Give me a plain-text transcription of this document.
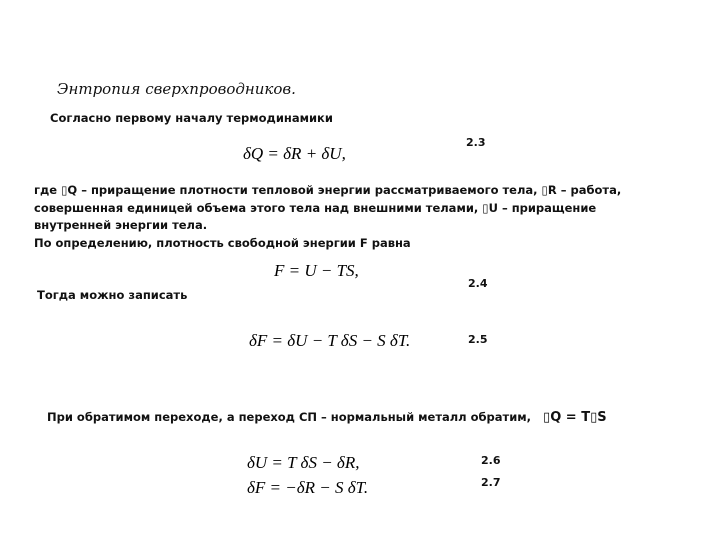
Энтропия сверхпроводников.
Согласно первому началу термодинамики
δQ = δR + δU,
2.3
где ▯Q – приращение плотности тепловой энергии рассматриваемого тела, ▯R – работа,
совершенная единицей объема этого тела над внешними телами, ▯U – приращение
внутренней энергии тела.
По определению, плотность свободной энергии F равна
F = U − TS,
2.4
Тогда можно записать
δF = δU − T δS − S δT.	2.5
При обратимом переходе, а переход СП – нормальный металл обратим, ▯Q = T▯S
δU = T δS − δR,	2.6
δF = −δR − S δT.	2.7
